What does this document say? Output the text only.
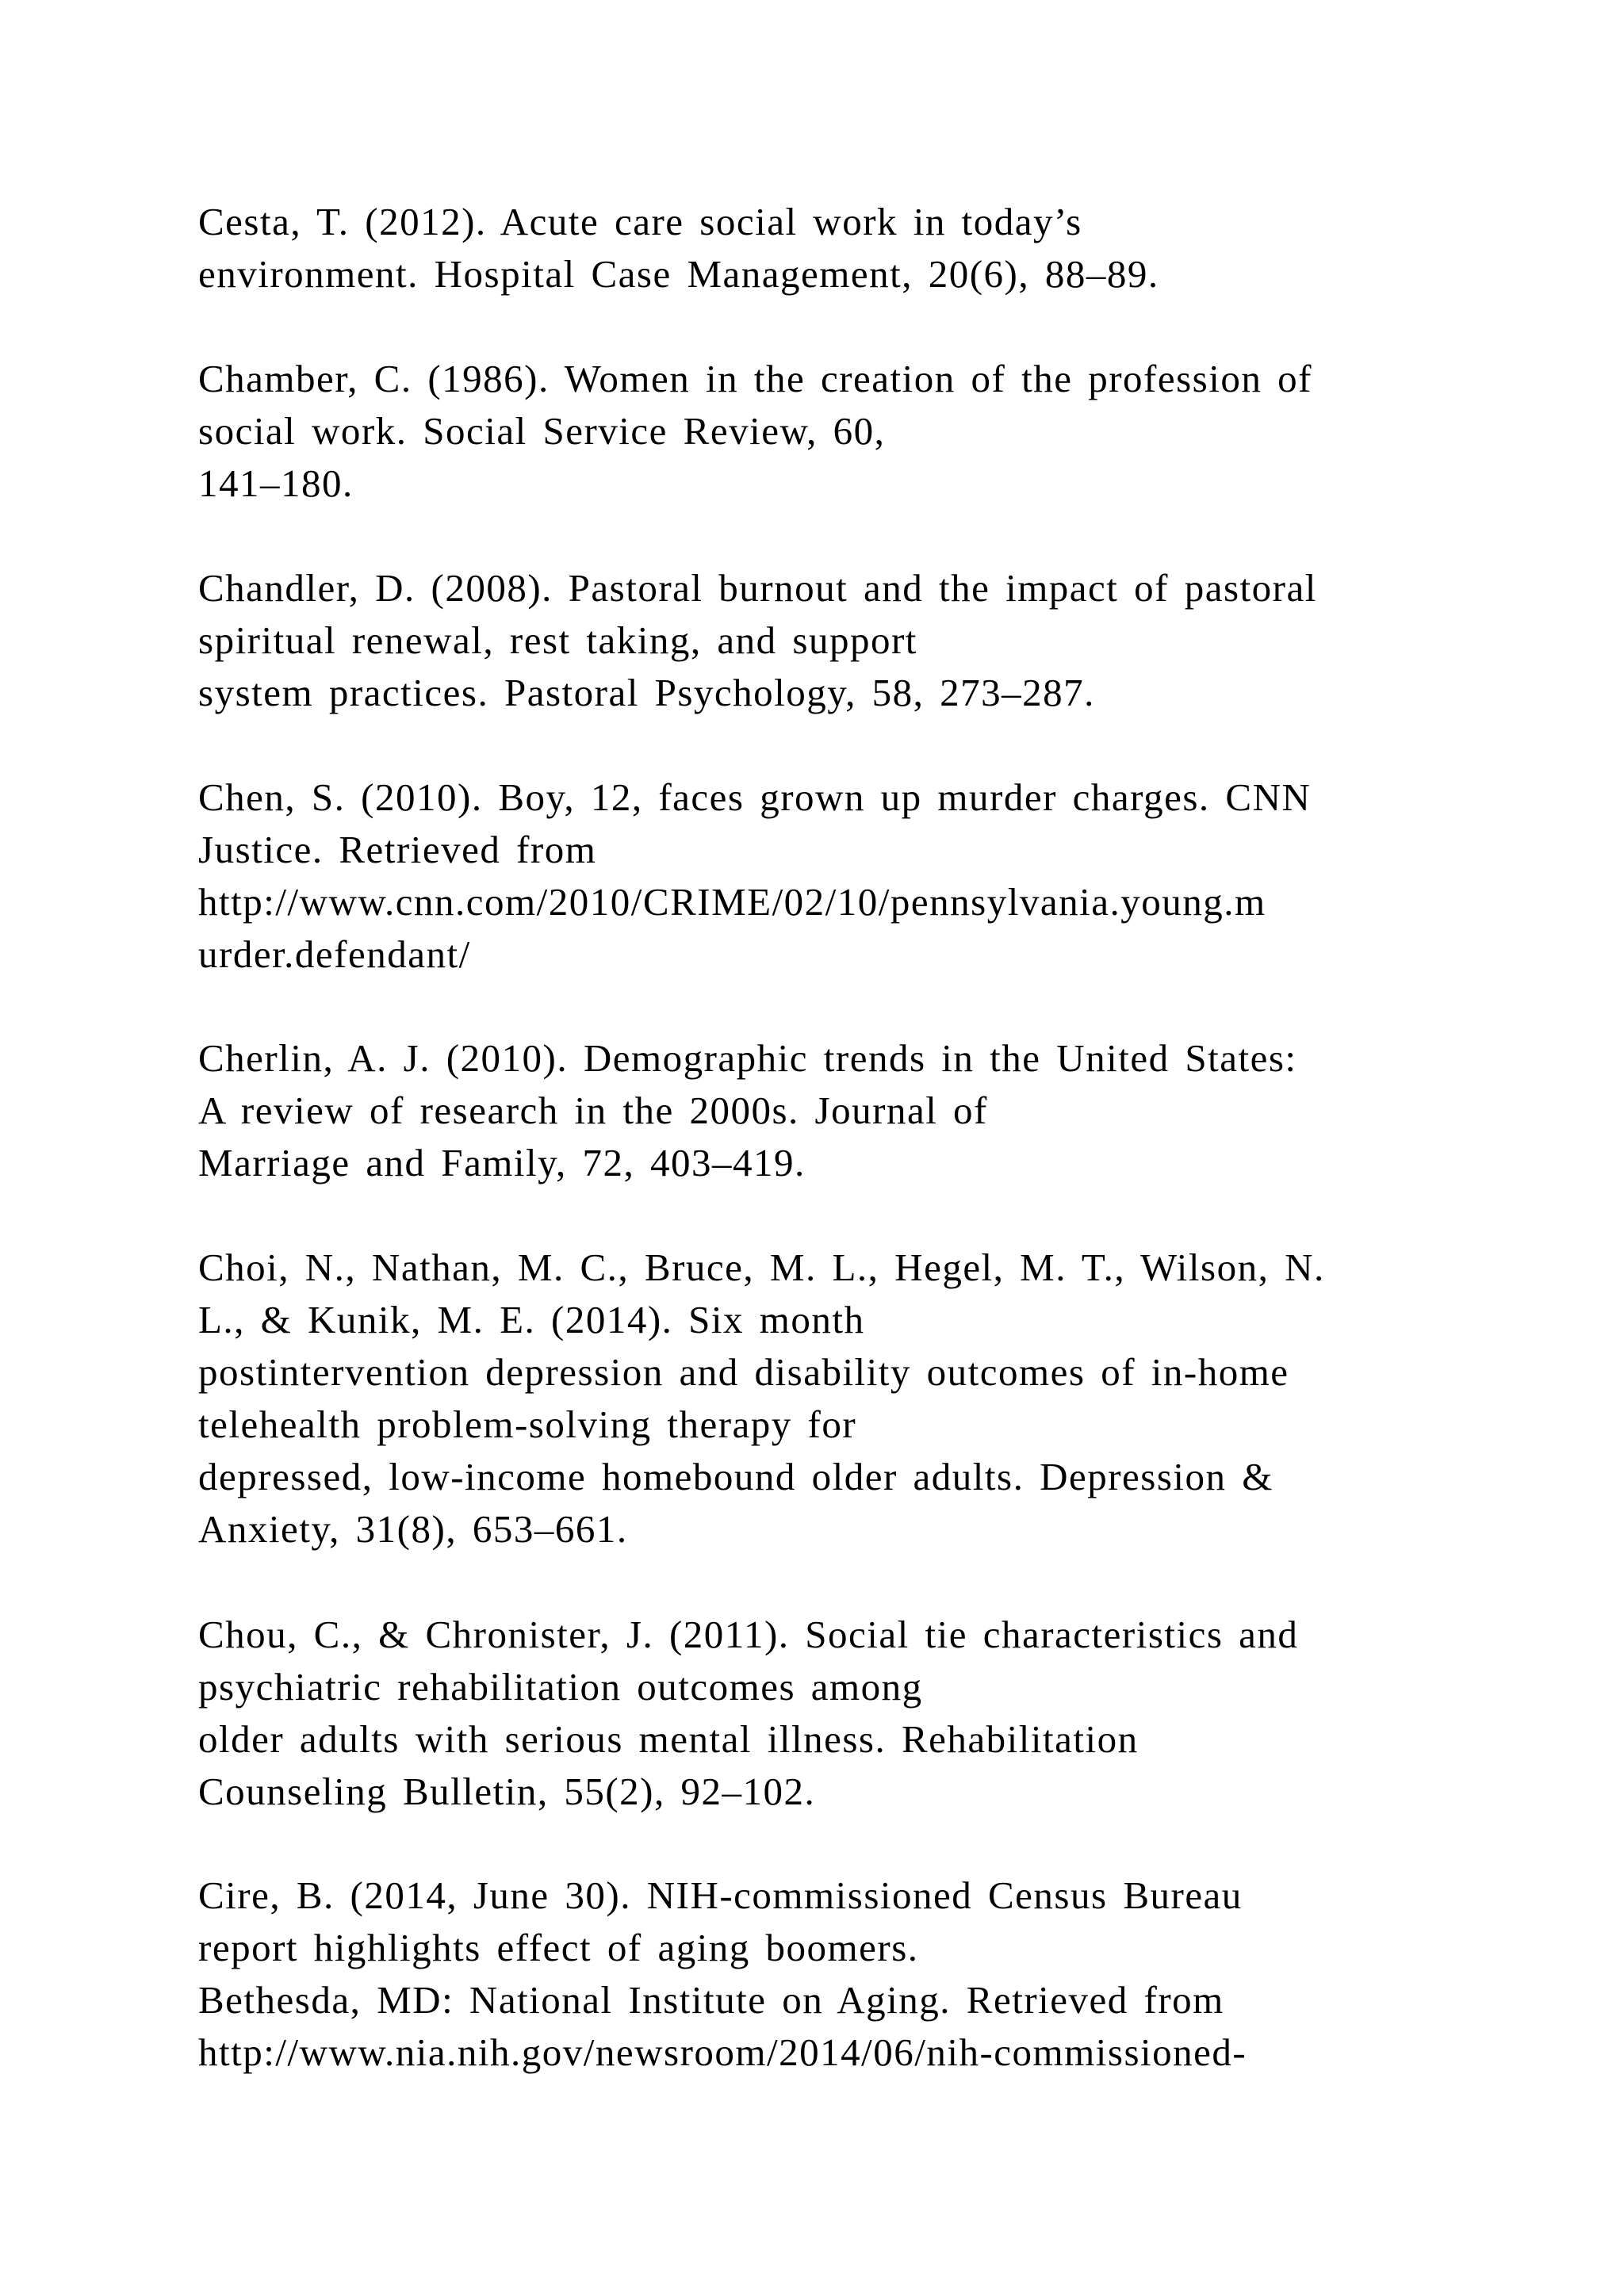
Cesta, T. (2012). Acute care social work in today’s
environment. Hospital Case Management, 20(6), 88–89.
Chamber, C. (1986). Women in the creation of the profession of
social work. Social Service Review, 60,
141–180.
Chandler, D. (2008). Pastoral burnout and the impact of pastoral
spiritual renewal, rest taking, and support
system practices. Pastoral Psychology, 58, 273–287.
Chen, S. (2010). Boy, 12, faces grown up murder charges. CNN
Justice. Retrieved from
http://www.cnn.com/2010/CRIME/02/10/pennsylvania.young.m
urder.defendant/
Cherlin, A. J. (2010). Demographic trends in the United States:
A review of research in the 2000s. Journal of
Marriage and Family, 72, 403–419.
Choi, N., Nathan, M. C., Bruce, M. L., Hegel, M. T., Wilson, N.
L., & Kunik, M. E. (2014). Six month
postintervention depression and disability outcomes of in-home
telehealth problem-solving therapy for
depressed, low-income homebound older adults. Depression &
Anxiety, 31(8), 653–661.
Chou, C., & Chronister, J. (2011). Social tie characteristics and
psychiatric rehabilitation outcomes among
older adults with serious mental illness. Rehabilitation
Counseling Bulletin, 55(2), 92–102.
Cire, B. (2014, June 30). NIH-commissioned Census Bureau
report highlights effect of aging boomers.
Bethesda, MD: National Institute on Aging. Retrieved from
http://www.nia.nih.gov/newsroom/2014/06/nih-commissioned-
